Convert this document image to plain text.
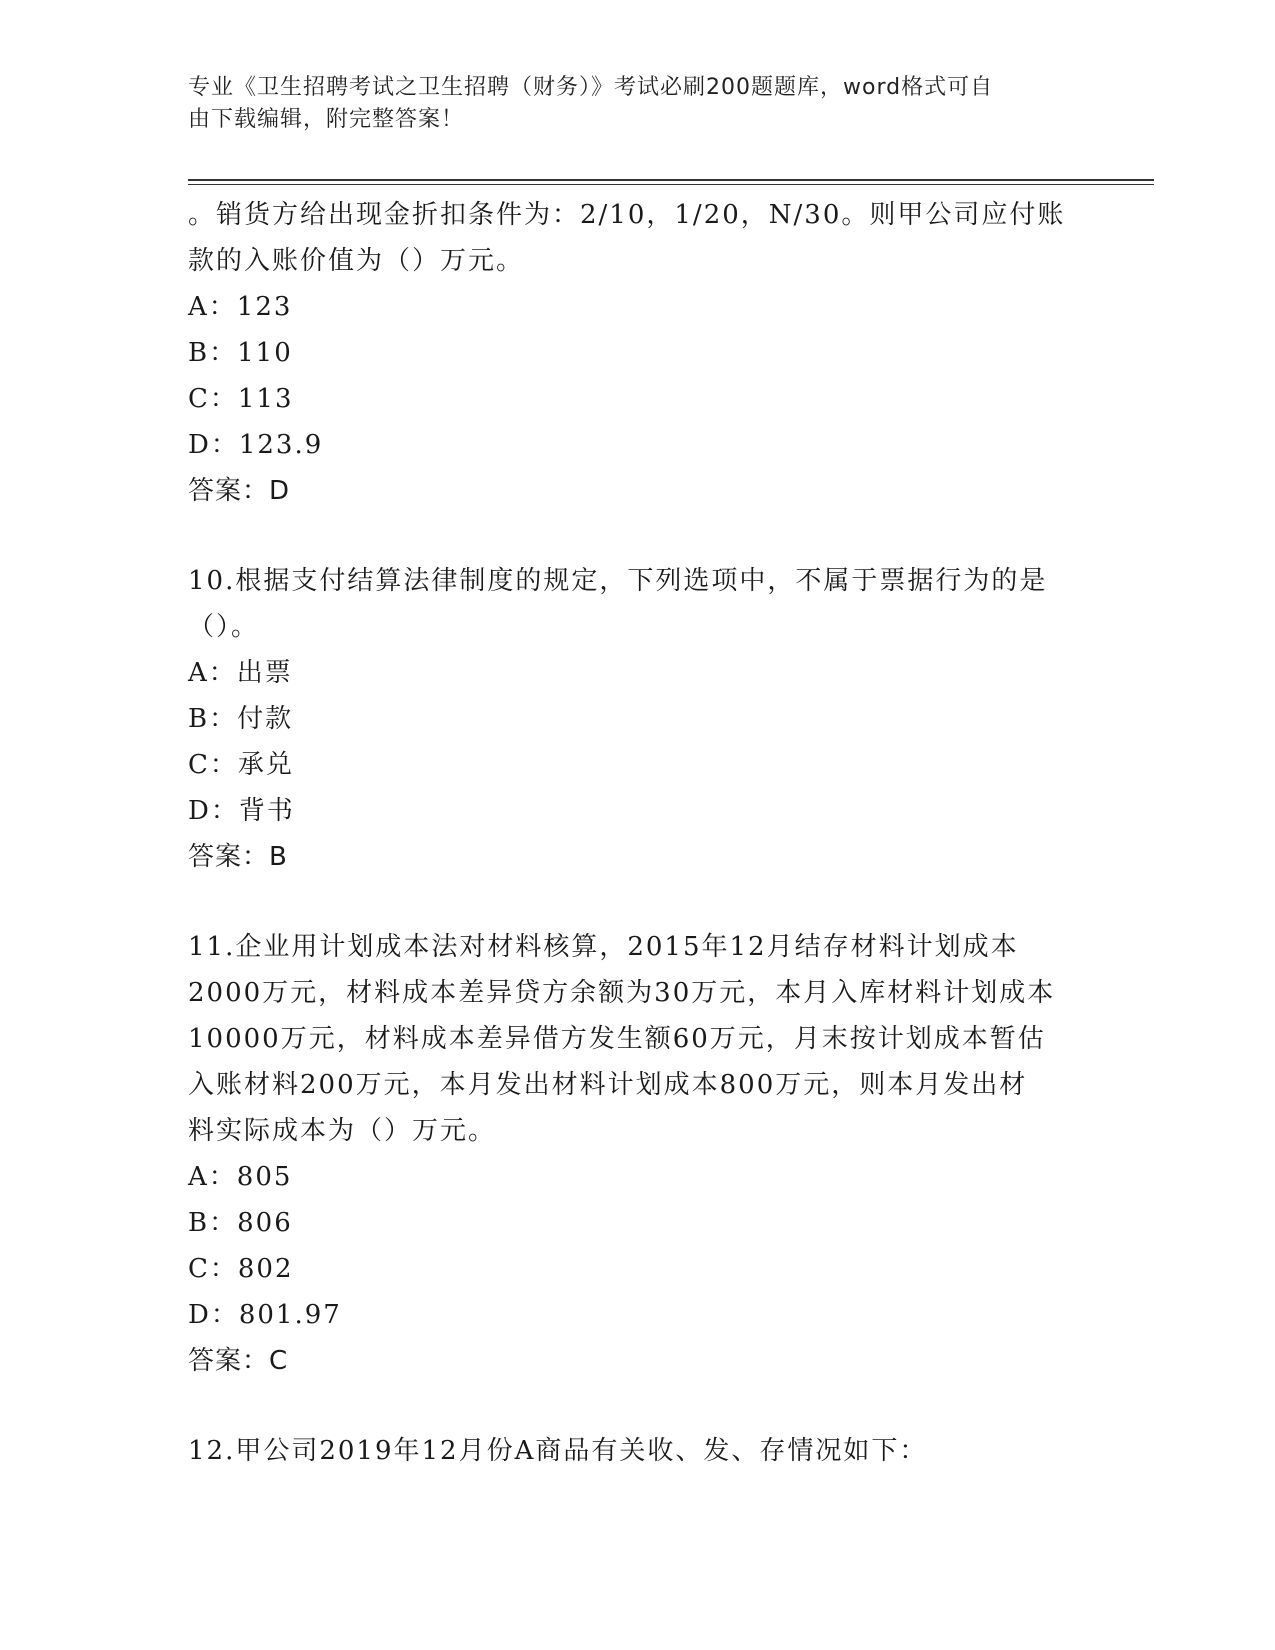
专业《卫生招聘考试之卫生招聘（财务）》考试必刷200题题库，word格式可自
由下载编辑，附完整答案！

。销货方给出现金折扣条件为：2/10，1/20，N/30。则甲公司应付账

款的入账价值为（）万元。

A：123

B：110

C：113

D：123.9

答案：D

10.根据支付结算法律制度的规定，下列选项中，不属于票据行为的是

（）。

A：出票

B：付款

C：承兑

D：背书

答案：B

11.企业用计划成本法对材料核算，2015年12月结存材料计划成本

2000万元，材料成本差异贷方余额为30万元，本月入库材料计划成本

10000万元，材料成本差异借方发生额60万元，月末按计划成本暂估

入账材料200万元，本月发出材料计划成本800万元，则本月发出材

料实际成本为（）万元。

A：805

B：806

C：802

D：801.97

答案：C

12.甲公司2019年12月份A商品有关收、发、存情况如下：
